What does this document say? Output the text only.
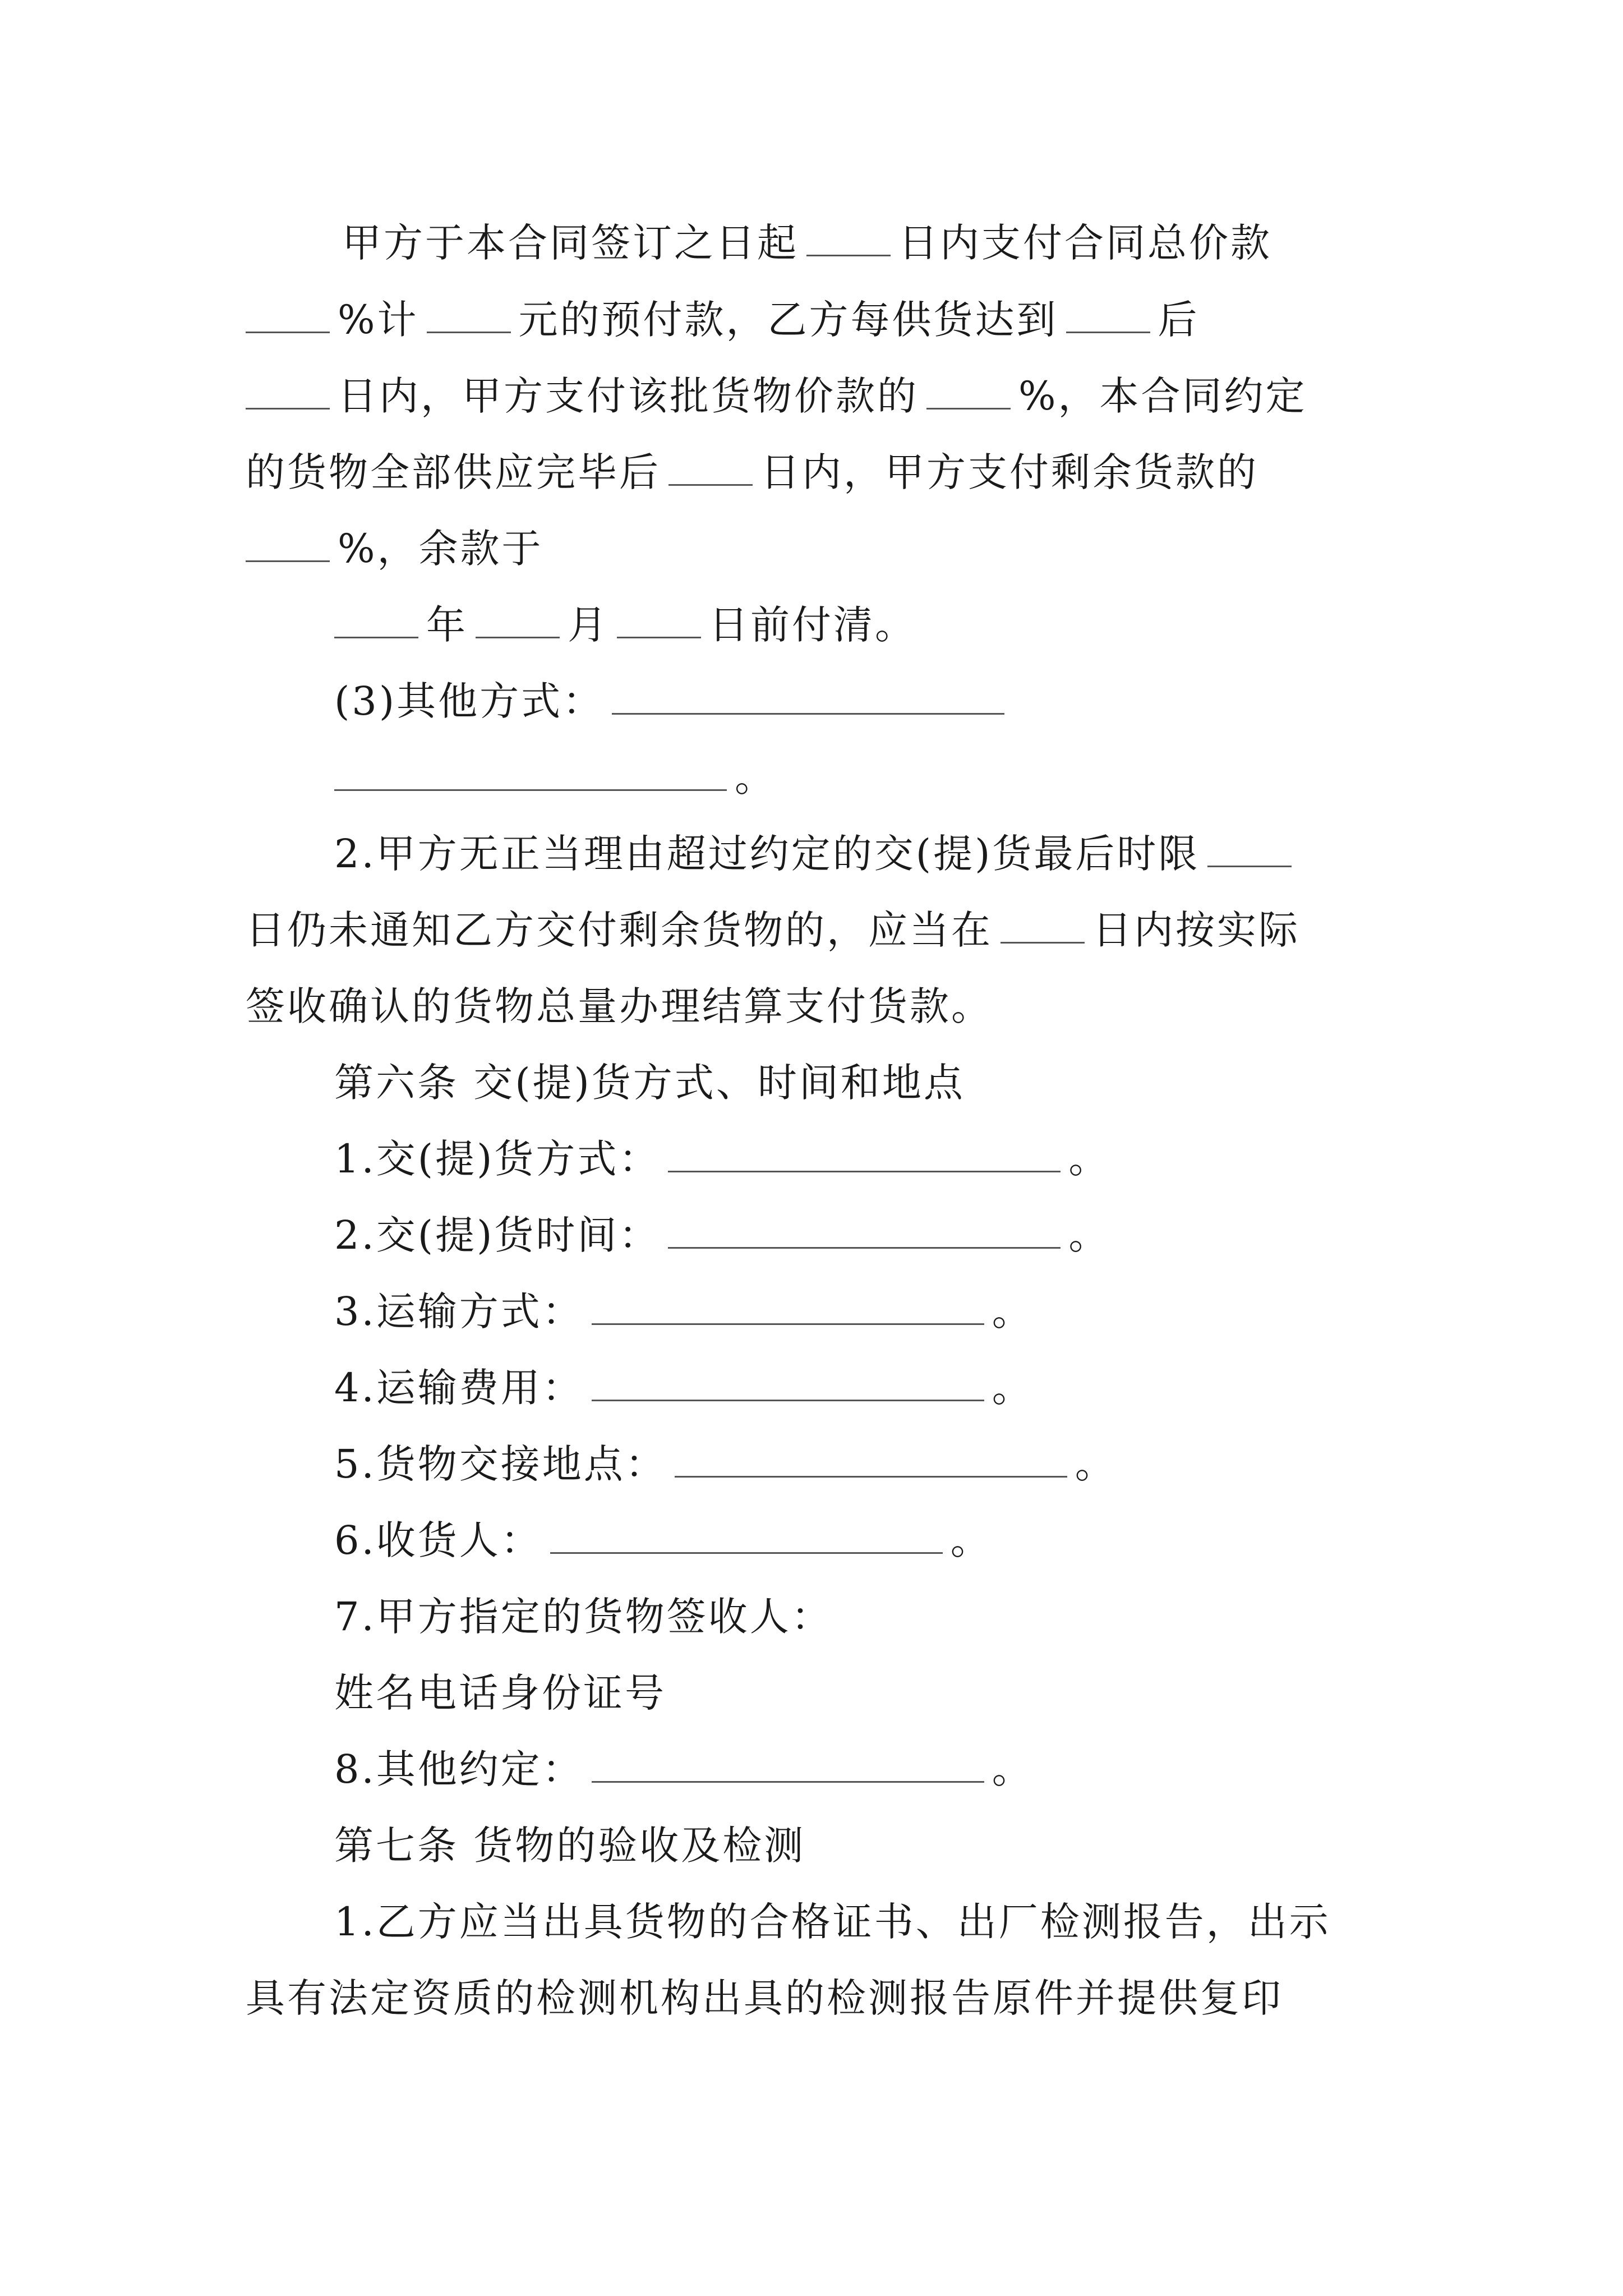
甲方于本合同签订之日起	日内支付合同总价款
%计	元的预付款，乙方每供货达到	后
日内，甲方支付该批货物价款的	%，本合同约定
的货物全部供应完毕后	日内，甲方支付剩余货款的
%，余款于
年	月	日前付清。
(3)其他方式：
。
2.甲方无正当理由超过约定的交(提)货最后时限
日仍未通知乙方交付剩余货物的，应当在	日内按实际
签收确认的货物总量办理结算支付货款。
第六条 交(提)货方式、时间和地点
1.交(提)货方式：	。
2.交(提)货时间：	。
3.运输方式：	。
4.运输费用：	。
5.货物交接地点：	。
6.收货人：	。
7.甲方指定的货物签收人：
姓名电话身份证号
8.其他约定：	。
第七条 货物的验收及检测
1.乙方应当出具货物的合格证书、出厂检测报告，出示
具有法定资质的检测机构出具的检测报告原件并提供复印
